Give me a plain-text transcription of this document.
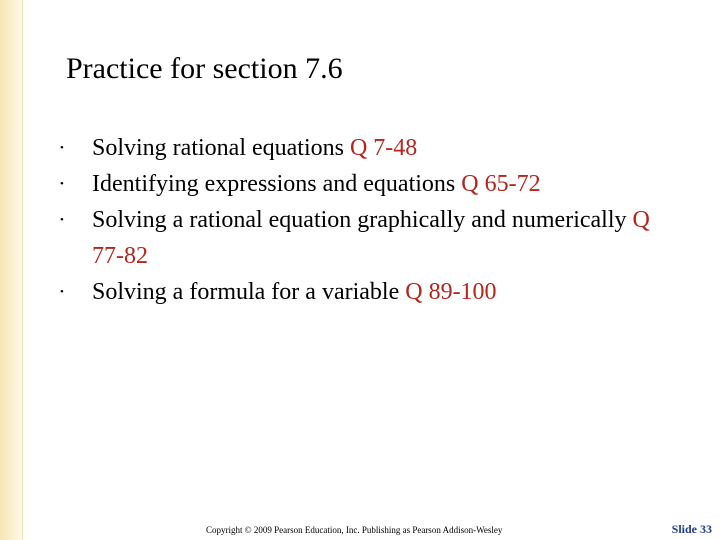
Practice for section 7.6
• Solving rational equations Q 7-48
• Identifying expressions and equations Q 65-72
• Solving a rational equation graphically and numerically Q 77-82
• Solving a formula for a variable Q 89-100
Copyright © 2009 Pearson Education, Inc. Publishing as Pearson Addison-Wesley	Slide 33
